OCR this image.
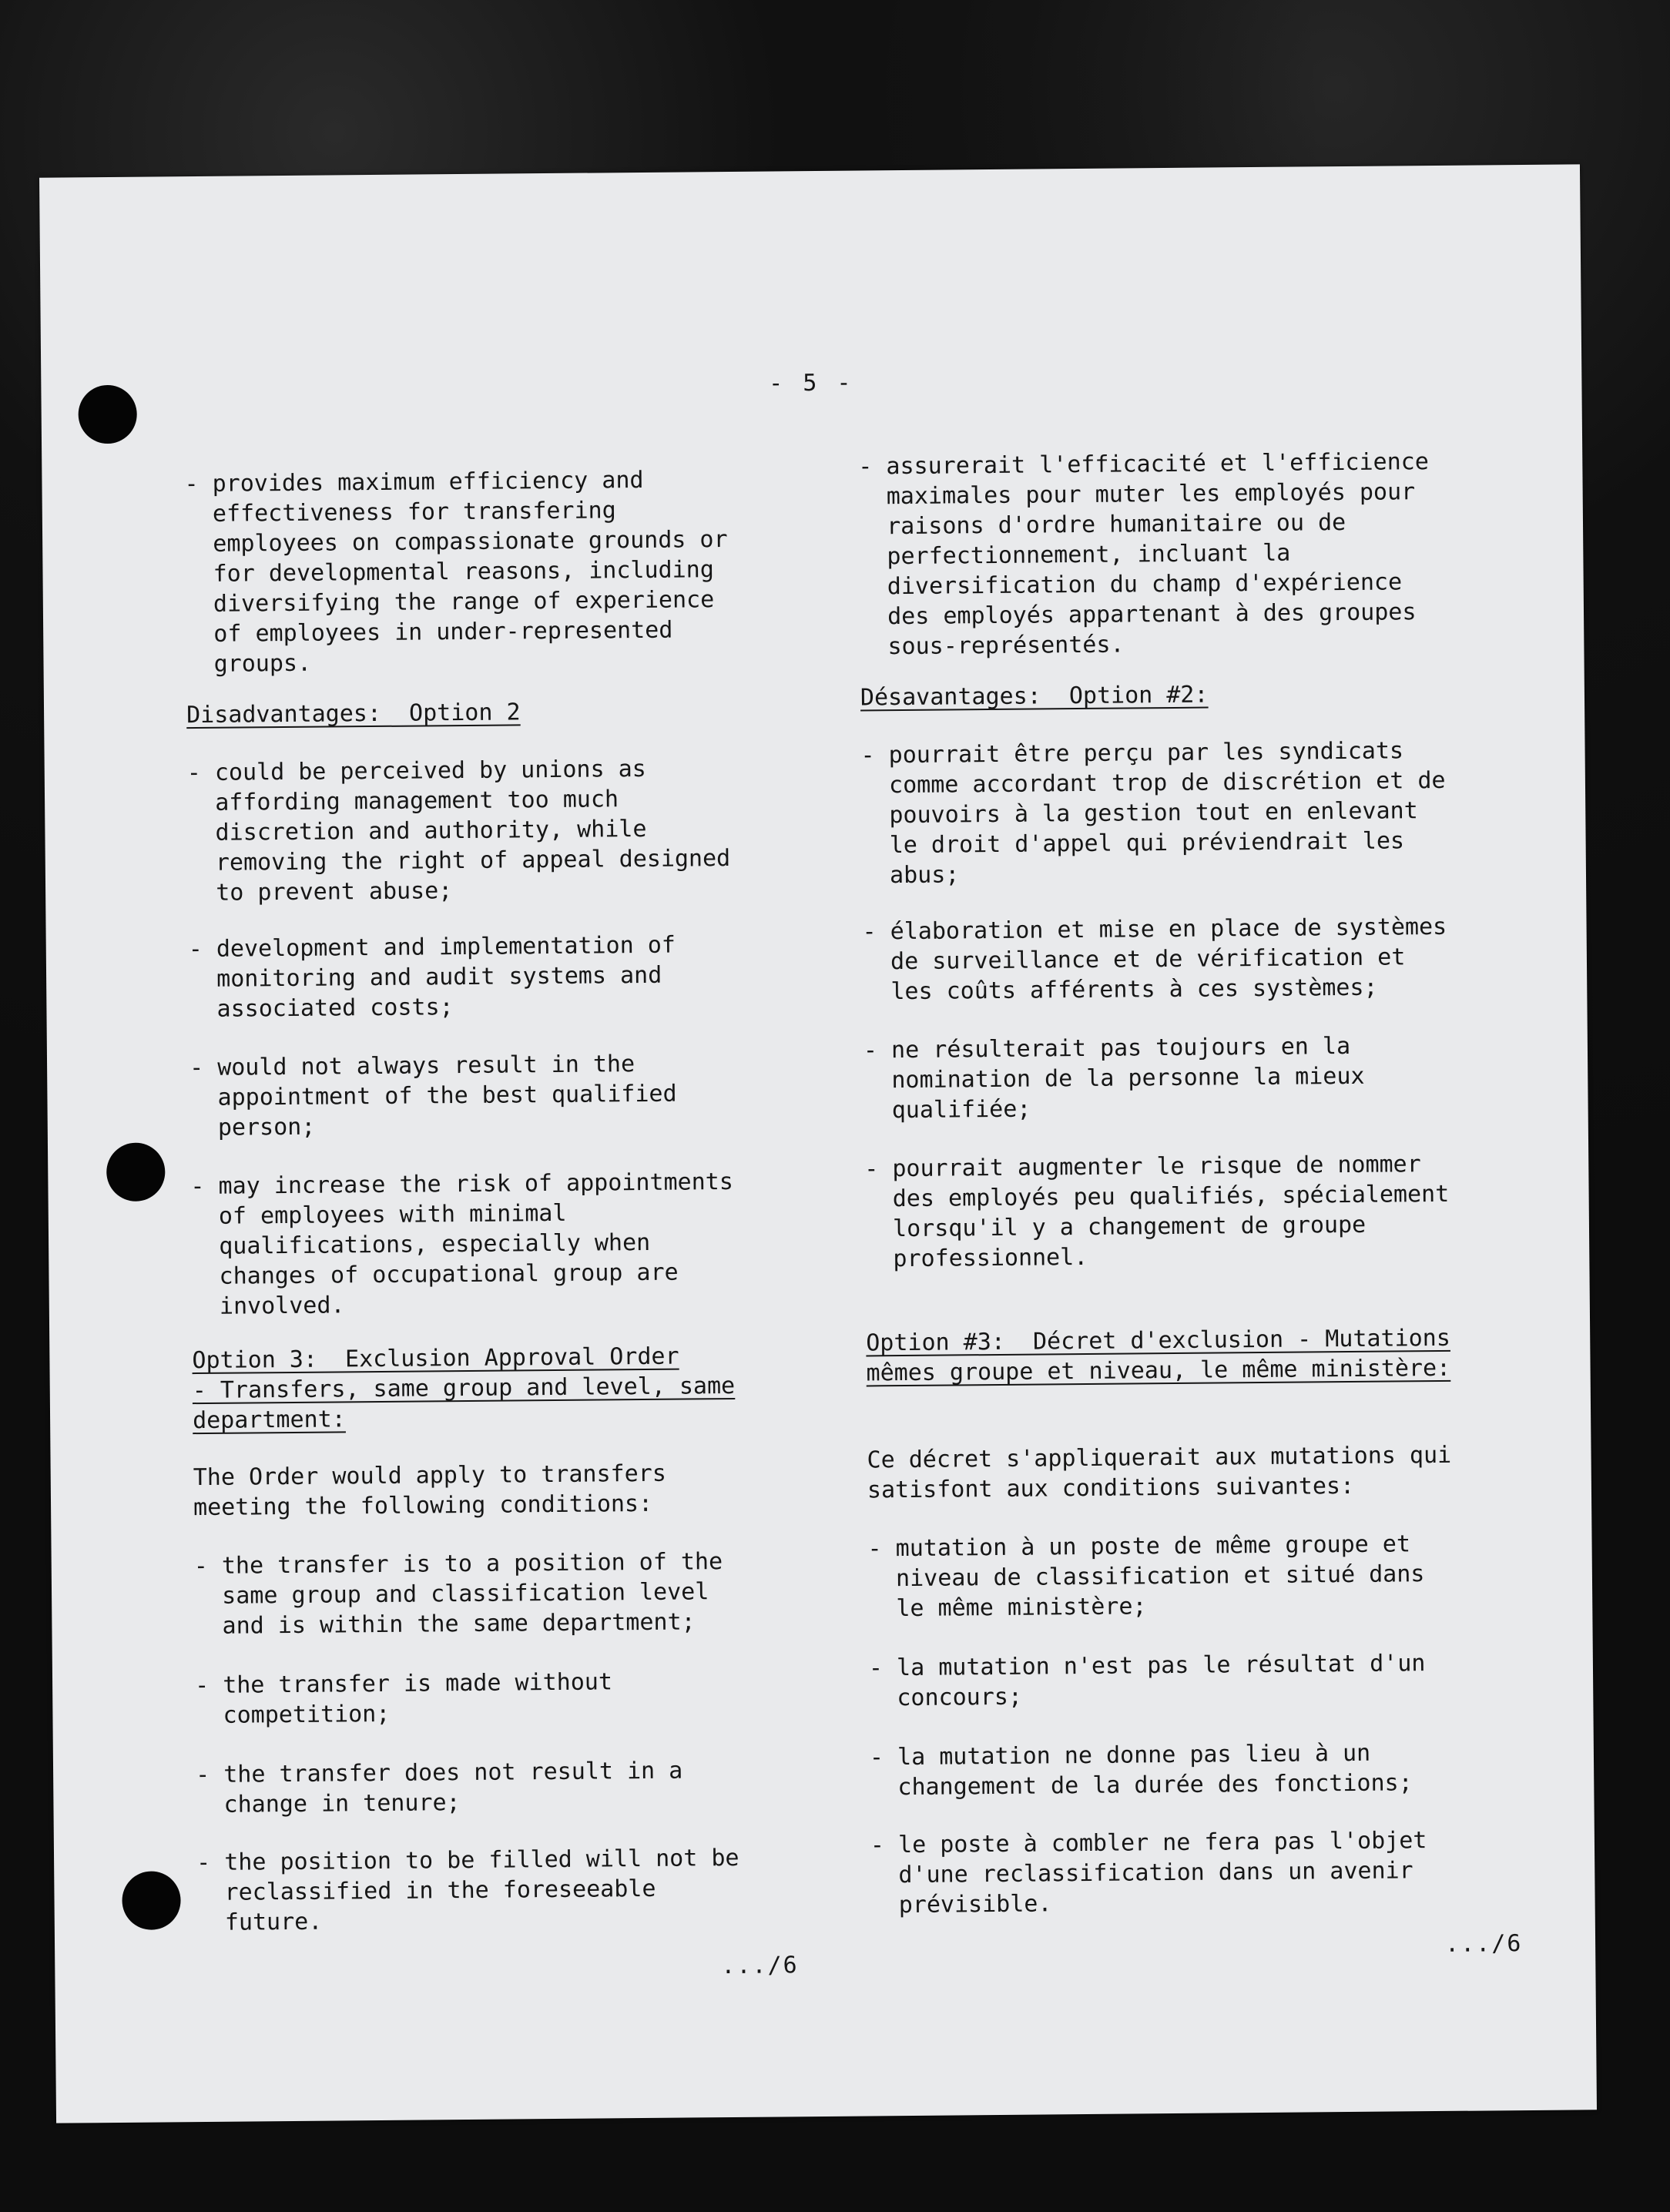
- 5 -

- provides maximum efficiency and
effectiveness for transfering
employees on compassionate grounds or
for developmental reasons, including
diversifying the range of experience
of employees in under-represented
groups.

Disadvantages:  Option 2

- could be perceived by unions as
affording management too much
discretion and authority, while
removing the right of appeal designed
to prevent abuse;

- development and implementation of
monitoring and audit systems and
associated costs;

- would not always result in the
appointment of the best qualified
person;

- may increase the risk of appointments
of employees with minimal
qualifications, especially when
changes of occupational group are
involved.

Option 3:  Exclusion Approval Order
- Transfers, same group and level, same
department:

The Order would apply to transfers
meeting the following conditions:

- the transfer is to a position of the
same group and classification level
and is within the same department;

- the transfer is made without
competition;

- the transfer does not result in a
change in tenure;

- the position to be filled will not be
reclassified in the foreseeable
future.

.../6

- assurerait l'efficacité et l'efficience
maximales pour muter les employés pour
raisons d'ordre humanitaire ou de
perfectionnement, incluant la
diversification du champ d'expérience
des employés appartenant à des groupes
sous-représentés.

Désavantages:  Option #2:

- pourrait être perçu par les syndicats
comme accordant trop de discrétion et de
pouvoirs à la gestion tout en enlevant
le droit d'appel qui préviendrait les
abus;

- élaboration et mise en place de systèmes
de surveillance et de vérification et
les coûts afférents à ces systèmes;

- ne résulterait pas toujours en la
nomination de la personne la mieux
qualifiée;

- pourrait augmenter le risque de nommer
des employés peu qualifiés, spécialement
lorsqu'il y a changement de groupe
professionnel.

Option #3:  Décret d'exclusion - Mutations
mêmes groupe et niveau, le même ministère:

Ce décret s'appliquerait aux mutations qui
satisfont aux conditions suivantes:

- mutation à un poste de même groupe et
niveau de classification et situé dans
le même ministère;

- la mutation n'est pas le résultat d'un
concours;

- la mutation ne donne pas lieu à un
changement de la durée des fonctions;

- le poste à combler ne fera pas l'objet
d'une reclassification dans un avenir
prévisible.

.../6
